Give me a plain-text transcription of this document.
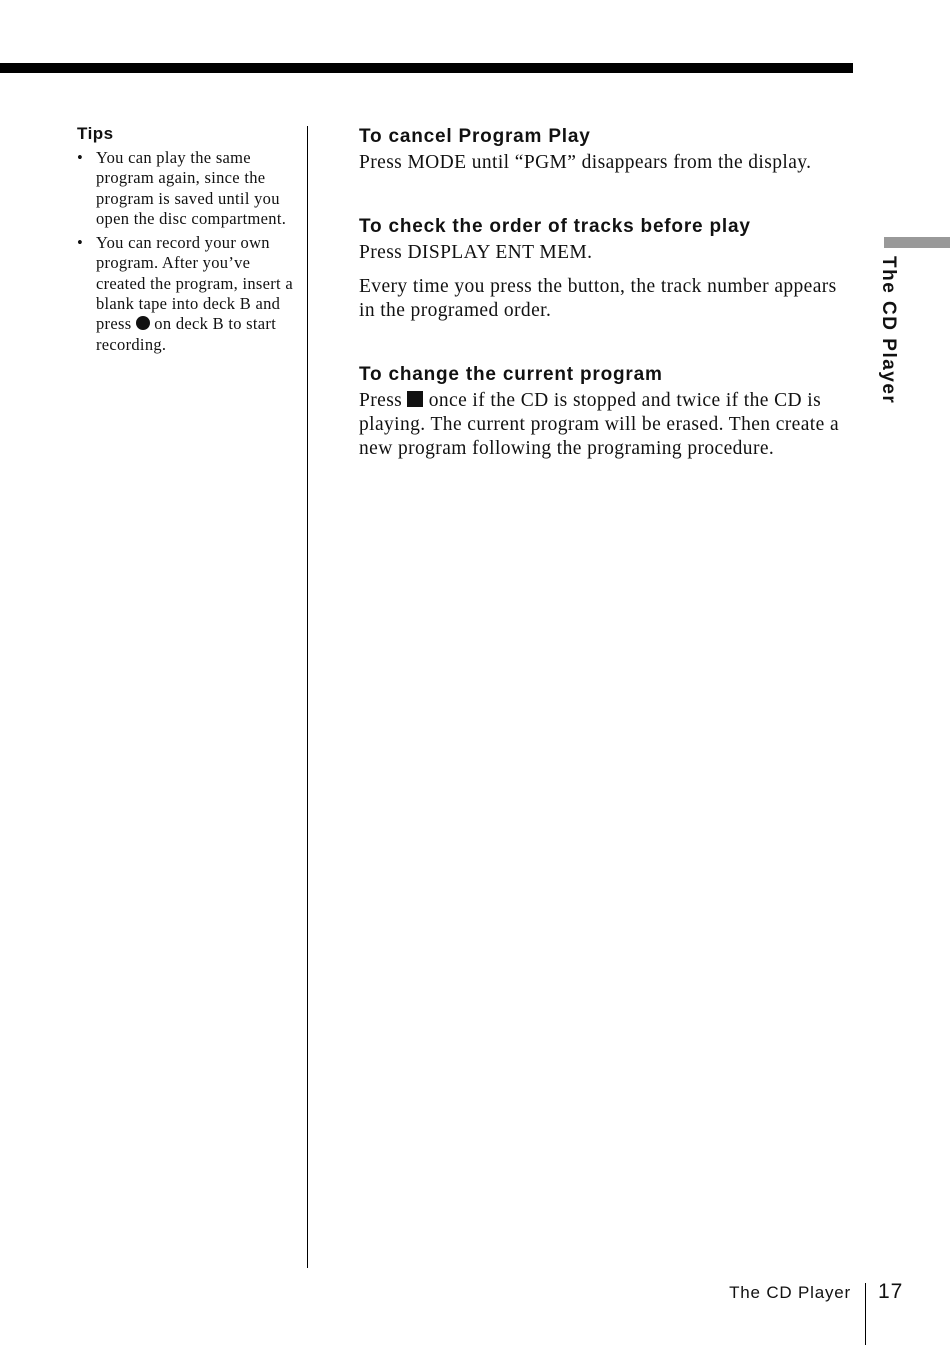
Tips
• You can play the same program again, since the program is saved until you open the disc compartment.
• You can record your own program. After you’ve created the program, insert a blank tape into deck B and press on deck B to start recording.
To cancel Program Play

Press MODE until “PGM” disappears from the display.

To check the order of tracks before play

Press DISPLAY ENT MEM.

Every time you press the button, the track number appears in the programed order.

To change the current program

Press once if the CD is stopped and twice if the CD is playing. The current program will be erased. Then create a new program following the programing procedure.

The CD Player
The CD Player 17
